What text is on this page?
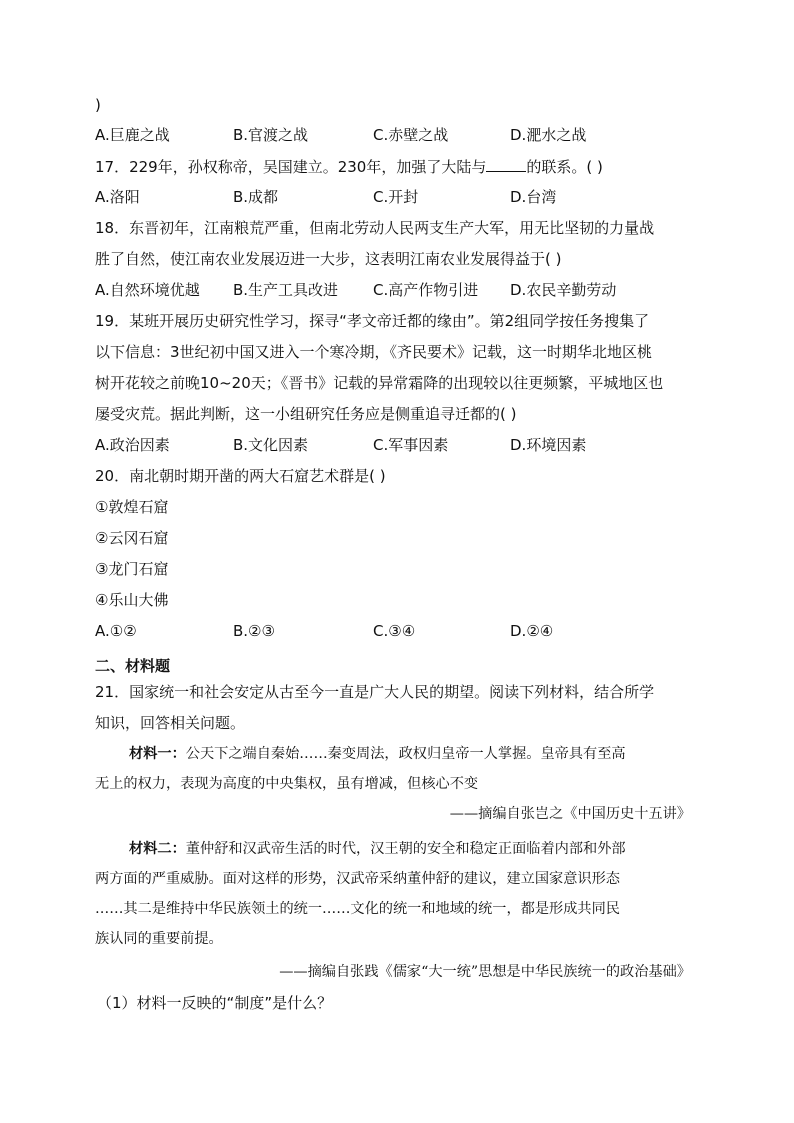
)
A.巨鹿之战	B.官渡之战	C.赤壁之战	D.淝水之战
17．229年，孙权称帝，吴国建立。230年，加强了大陆与	的联系。( )
A.洛阳	B.成都	C.开封	D.台湾
18．东晋初年，江南粮荒严重，但南北劳动人民两支生产大军，用无比坚韧的力量战
胜了自然，使江南农业发展迈进一大步，这表明江南农业发展得益于( )
A.自然环境优越 B.生产工具改进 C.高产作物引进 D.农民辛勤劳动
19．某班开展历史研究性学习，探寻“孝文帝迁都的缘由”。第2组同学按任务搜集了
以下信息：3世纪初中国又进入一个寒冷期，《齐民要术》记载，这一时期华北地区桃
树开花较之前晚10~20天；《晋书》记载的异常霜降的出现较以往更频繁，平城地区也
屡受灾荒。据此判断，这一小组研究任务应是侧重追寻迁都的( )
A.政治因素	B.文化因素	C.军事因素	D.环境因素
20．南北朝时期开凿的两大石窟艺术群是( )
①敦煌石窟
②云冈石窟
③龙门石窟
④乐山大佛
A.①②	B.②③	C.③④	D.②④
二、材料题
21．国家统一和社会安定从古至今一直是广大人民的期望。阅读下列材料，结合所学
知识，回答相关问题。
材料一：公天下之端自秦始……秦变周法，政权归皇帝一人掌握。皇帝具有至高
无上的权力，表现为高度的中央集权，虽有增减，但核心不变
——摘编自张岂之《中国历史十五讲》
材料二：董仲舒和汉武帝生活的时代，汉王朝的安全和稳定正面临着内部和外部
两方面的严重威胁。面对这样的形势，汉武帝采纳董仲舒的建议，建立国家意识形态
……其二是维持中华民族领土的统一……文化的统一和地域的统一，都是形成共同民
族认同的重要前提。
——摘编自张践《儒家“大一统”思想是中华民族统一的政治基础》
（1）材料一反映的“制度”是什么？
